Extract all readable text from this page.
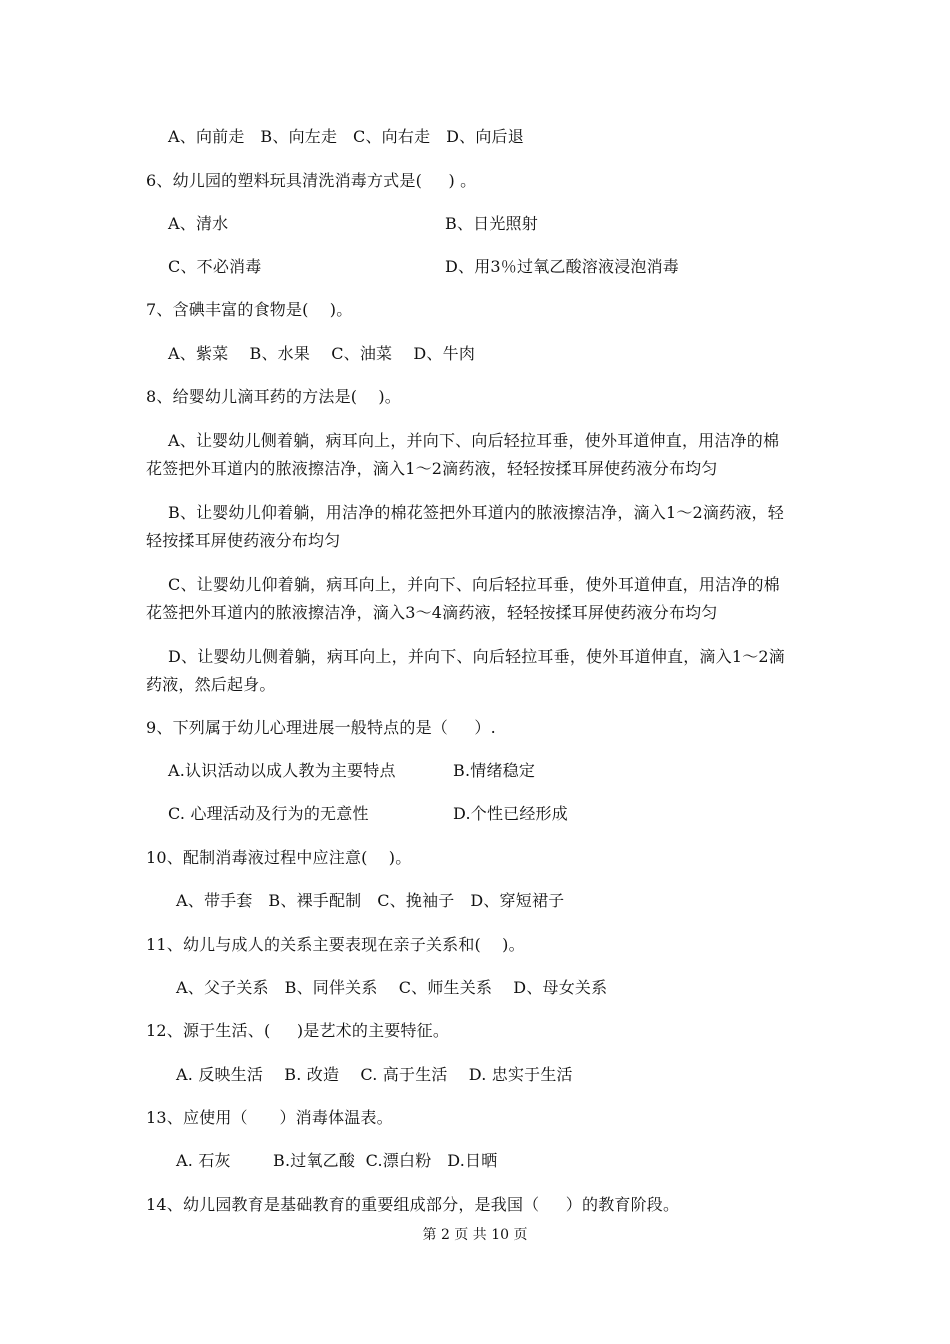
A、向前走   B、向左走   C、向右走   D、向后退
6、幼儿园的塑料玩具清洗消毒方式是(     ) 。
A、清水	B、日光照射
C、不必消毒	D、用3％过氧乙酸溶液浸泡消毒
7、含碘丰富的食物是(    )。
A、紫菜    B、水果    C、油菜    D、牛肉
8、给婴幼儿滴耳药的方法是(    )。
A、让婴幼儿侧着躺，病耳向上，并向下、向后轻拉耳垂，使外耳道伸直，用洁净的棉
花签把外耳道内的脓液擦洁净，滴入1～2滴药液，轻轻按揉耳屏使药液分布均匀
B、让婴幼儿仰着躺，用洁净的棉花签把外耳道内的脓液擦洁净，滴入1～2滴药液，轻
轻按揉耳屏使药液分布均匀
C、让婴幼儿仰着躺，病耳向上，并向下、向后轻拉耳垂，使外耳道伸直，用洁净的棉
花签把外耳道内的脓液擦洁净，滴入3～4滴药液，轻轻按揉耳屏使药液分布均匀
D、让婴幼儿侧着躺，病耳向上，并向下、向后轻拉耳垂，使外耳道伸直，滴入1～2滴
药液，然后起身。
9、下列属于幼儿心理进展一般特点的是（     ）.
A.认识活动以成人教为主要特点	B.情绪稳定
C. 心理活动及行为的无意性	D.个性已经形成
10、配制消毒液过程中应注意(    )。
A、带手套   B、裸手配制   C、挽袖子   D、穿短裙子
11、幼儿与成人的关系主要表现在亲子关系和(    )。
A、父子关系   B、同伴关系    C、师生关系    D、母女关系
12、源于生活、(     )是艺术的主要特征。
A. 反映生活    B. 改造    C. 高于生活    D. 忠实于生活
13、应使用（      ）消毒体温表。
A. 石灰        B.过氧乙酸  C.漂白粉   D.日晒
14、幼儿园教育是基础教育的重要组成部分，是我国（     ）的教育阶段。
第 2 页 共 10 页
